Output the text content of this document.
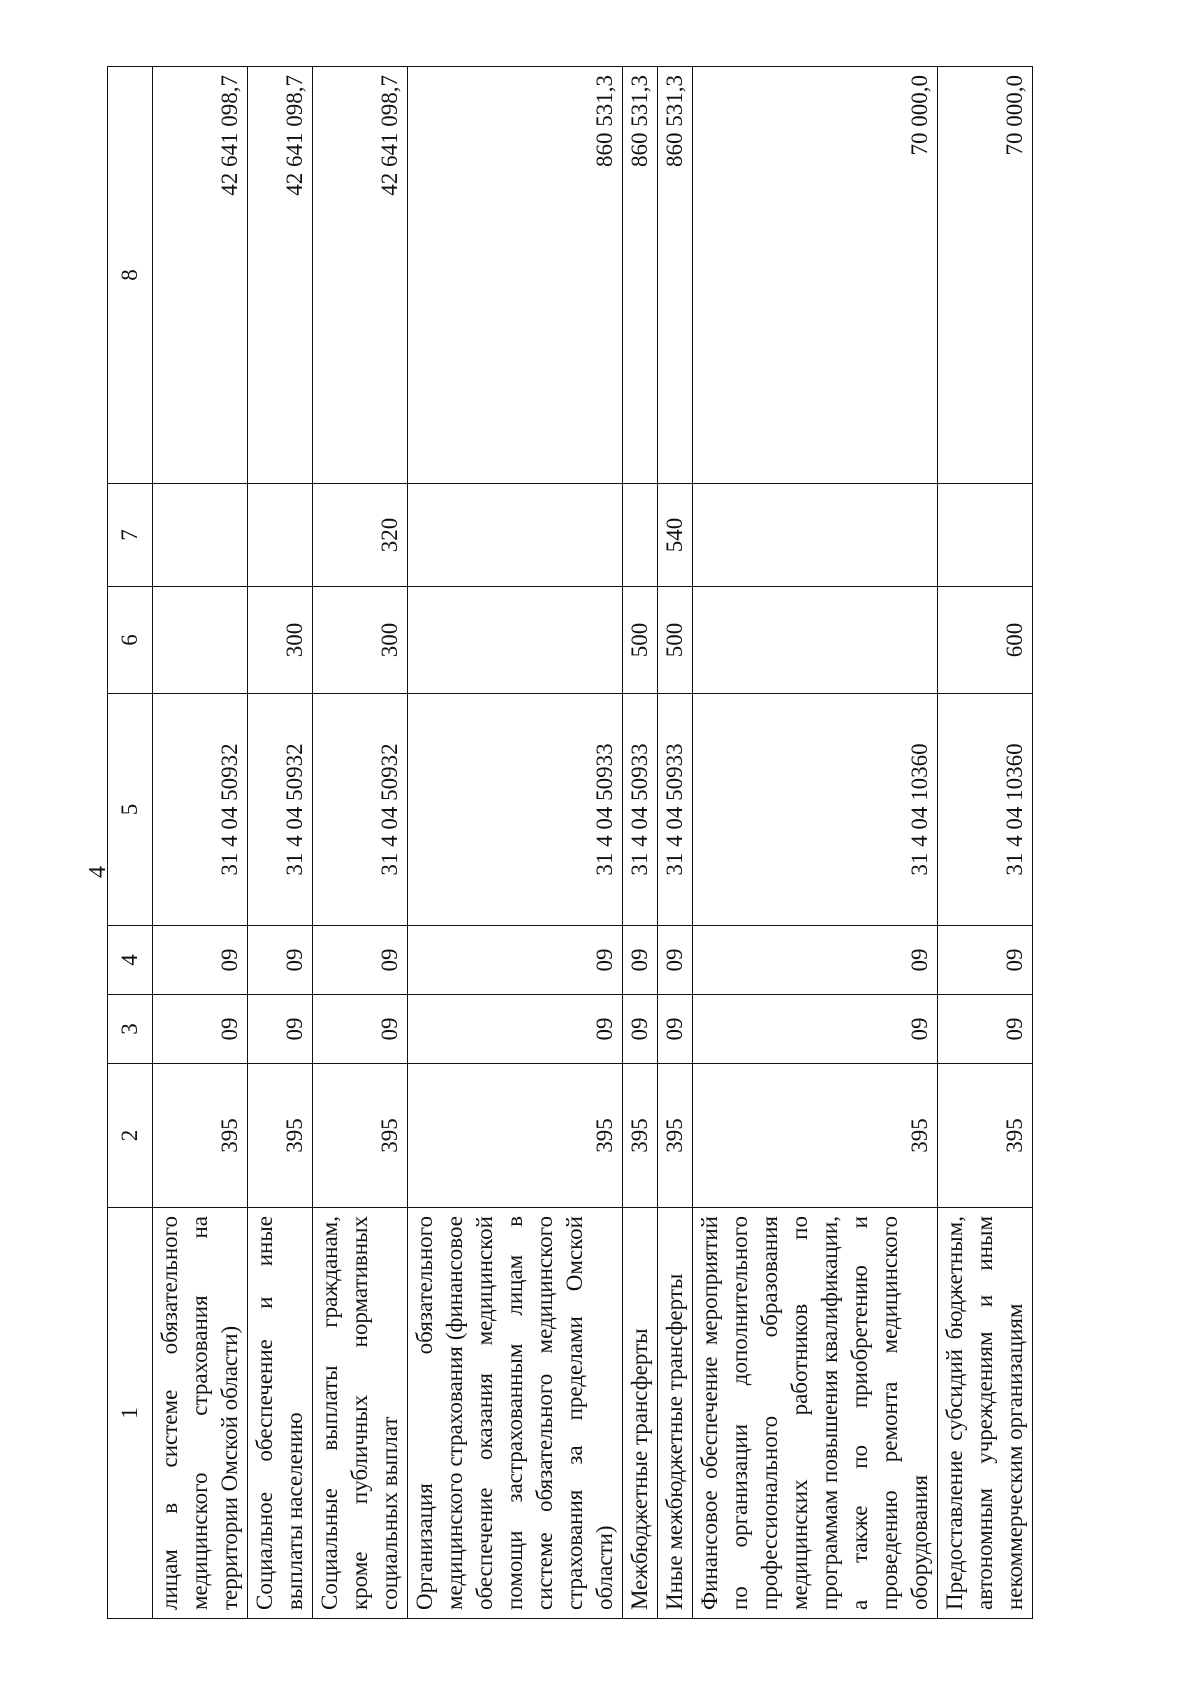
4
1	2	3	4	5	6	7	8
лицам в системе обязательного медицинского страхования на территории Омской области)	395	09	09	31 4 04 50932			42 641 098,7
Социальное обеспечение и иные выплаты населению	395	09	09	31 4 04 50932	300		42 641 098,7
Социальные выплаты гражданам, кроме публичных нормативных социальных выплат	395	09	09	31 4 04 50932	300	320	42 641 098,7
Организация обязательного медицинского страхования (финансовое обеспечение оказания медицинской помощи застрахованным лицам в системе обязательного медицинского страхования за пределами Омской области)	395	09	09	31 4 04 50933			860 531,3
Межбюджетные трансферты	395	09	09	31 4 04 50933	500		860 531,3
Иные межбюджетные трансферты	395	09	09	31 4 04 50933	500	540	860 531,3
Финансовое обеспечение мероприятий по организации дополнительного профессионального образования медицинских работников по программам повышения квалификации, а также по приобретению и проведению ремонта медицинского оборудования	395	09	09	31 4 04 10360			70 000,0
Предоставление субсидий бюджетным, автономным учреждениям и иным некоммерческим организациям	395	09	09	31 4 04 10360	600		70 000,0
